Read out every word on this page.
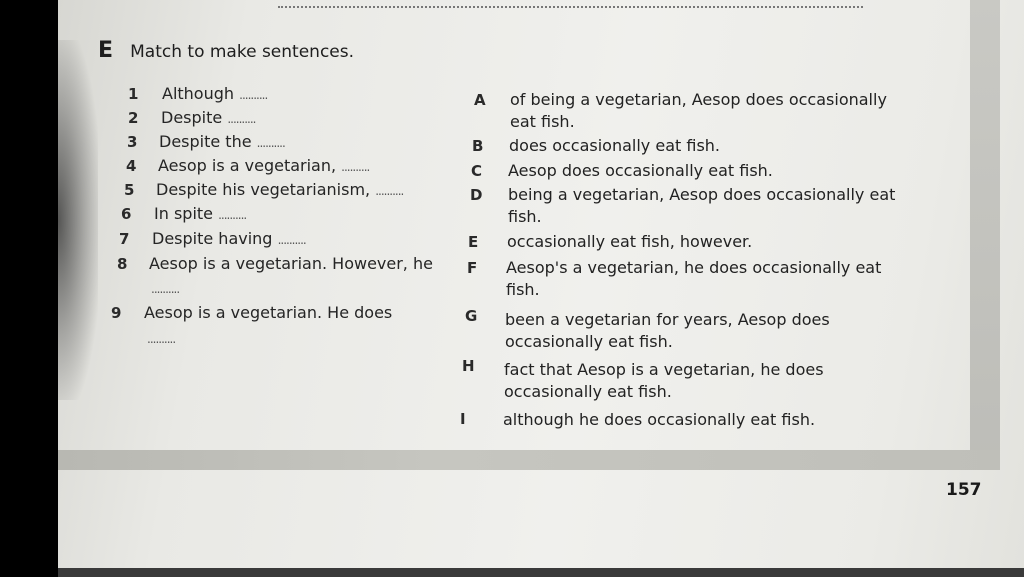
E Match to make sentences.
1 Although ..........
2 Despite ..........
3 Despite the ..........
4 Aesop is a vegetarian, ..........
5 Despite his vegetarianism, ..........
6 In spite ..........
7 Despite having ..........
8 Aesop is a vegetarian. However, he
..........
9 Aesop is a vegetarian. He does
..........
A of being a vegetarian, Aesop does occasionally eat fish.
B does occasionally eat fish.
C Aesop does occasionally eat fish.
D being a vegetarian, Aesop does occasionally eat fish.
E occasionally eat fish, however.
F Aesop's a vegetarian, he does occasionally eat fish.
G been a vegetarian for years, Aesop does occasionally eat fish.
H fact that Aesop is a vegetarian, he does occasionally eat fish.
I although he does occasionally eat fish.
157
